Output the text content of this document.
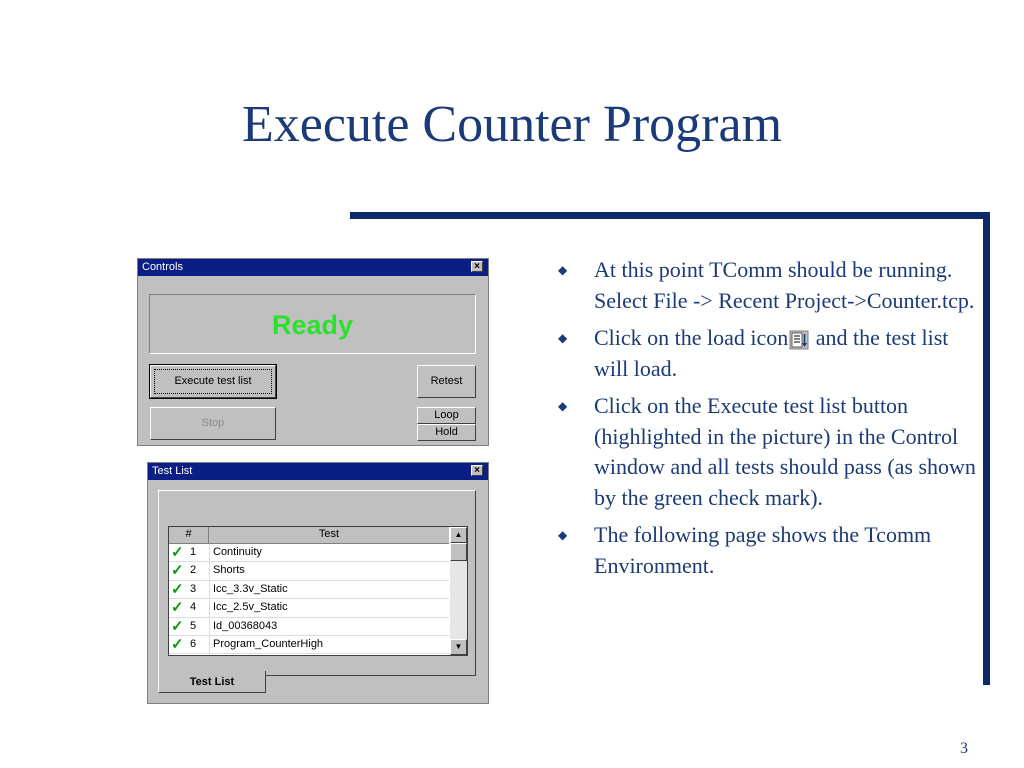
Execute Counter Program
Controls	×
Ready
Execute test list
Stop
Retest
Loop
Hold
Test List	×
#	Test
✓ 1 Continuity
✓ 2 Shorts
✓ 3 Icc_3.3v_Static
✓ 4 Icc_2.5v_Static
✓ 5 Id_00368043
✓ 6 Program_CounterHigh
▲
▼
Test List
◆ At this point TComm should be running. Select File -> Recent Project->Counter.tcp.
◆ Click on the load icon and the test list will load.
◆ Click on the Execute test list button (highlighted in the picture) in the Control window and all tests should pass (as shown by the green check mark).
◆ The following page shows the Tcomm Environment.
3
